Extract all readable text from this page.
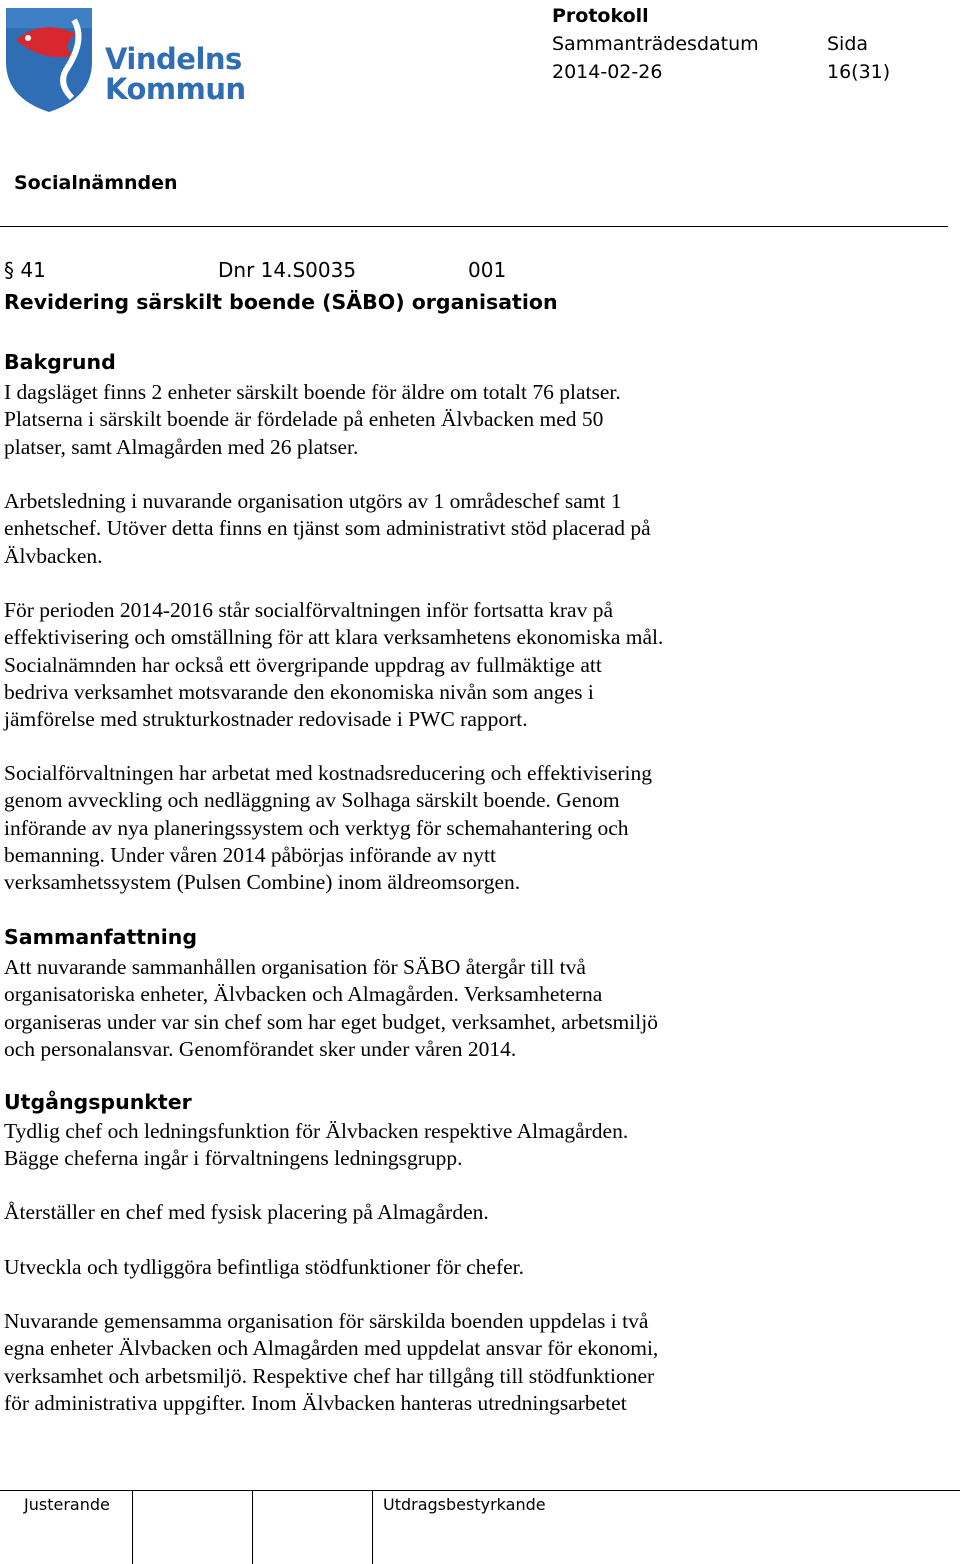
Vindelns
Kommun
Protokoll
Sammanträdesdatum
2014-02-26
Sida
16(31)
Socialnämnden
§ 41	Dnr 14.S0035	001
Revidering särskilt boende (SÄBO) organisation
Bakgrund
I dagsläget finns 2 enheter särskilt boende för äldre om totalt 76 platser.
Platserna i särskilt boende är fördelade på enheten Älvbacken med 50
platser, samt Almagården med 26 platser.
Arbetsledning i nuvarande organisation utgörs av 1 områdeschef samt 1
enhetschef. Utöver detta finns en tjänst som administrativt stöd placerad på
Älvbacken.
För perioden 2014-2016 står socialförvaltningen inför fortsatta krav på
effektivisering och omställning för att klara verksamhetens ekonomiska mål.
Socialnämnden har också ett övergripande uppdrag av fullmäktige att
bedriva verksamhet motsvarande den ekonomiska nivån som anges i
jämförelse med strukturkostnader redovisade i PWC rapport.
Socialförvaltningen har arbetat med kostnadsreducering och effektivisering
genom avveckling och nedläggning av Solhaga särskilt boende. Genom
införande av nya planeringssystem och verktyg för schemahantering och
bemanning. Under våren 2014 påbörjas införande av nytt
verksamhetssystem (Pulsen Combine) inom äldreomsorgen.
Sammanfattning
Att nuvarande sammanhållen organisation för SÄBO återgår till två
organisatoriska enheter, Älvbacken och Almagården. Verksamheterna
organiseras under var sin chef som har eget budget, verksamhet, arbetsmiljö
och personalansvar. Genomförandet sker under våren 2014.
Utgångspunkter
Tydlig chef och ledningsfunktion för Älvbacken respektive Almagården.
Bägge cheferna ingår i förvaltningens ledningsgrupp.
Återställer en chef med fysisk placering på Almagården.
Utveckla och tydliggöra befintliga stödfunktioner för chefer.
Nuvarande gemensamma organisation för särskilda boenden uppdelas i två
egna enheter Älvbacken och Almagården med uppdelat ansvar för ekonomi,
verksamhet och arbetsmiljö. Respektive chef har tillgång till stödfunktioner
för administrativa uppgifter. Inom Älvbacken hanteras utredningsarbetet
Justerande	Utdragsbestyrkande
